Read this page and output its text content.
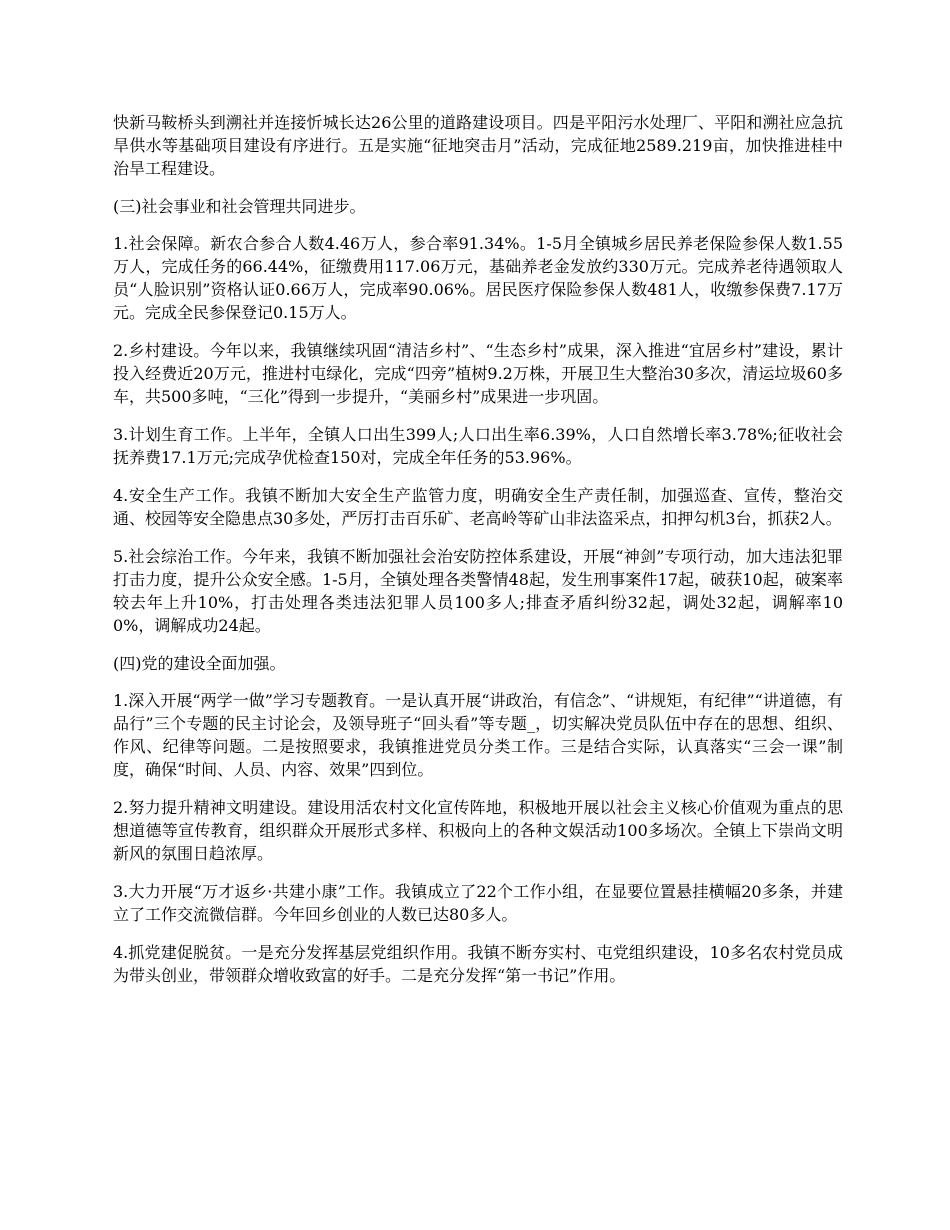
快新马鞍桥头到溯社并连接忻城长达26公里的道路建设项目。四是平阳污水处理厂、平阳和溯社应急抗旱供水等基础项目建设有序进行。五是实施“征地突击月”活动，完成征地2589.219亩，加快推进桂中治旱工程建设。

(三)社会事业和社会管理共同进步。

1.社会保障。新农合参合人数4.46万人，参合率91.34%。1-5月全镇城乡居民养老保险参保人数1.55万人，完成任务的66.44%，征缴费用117.06万元，基础养老金发放约330万元。完成养老待遇领取人员“人脸识别”资格认证0.66万人，完成率90.06%。居民医疗保险参保人数481人，收缴参保费7.17万元。完成全民参保登记0.15万人。

2.乡村建设。今年以来，我镇继续巩固“清洁乡村”、“生态乡村”成果，深入推进“宜居乡村”建设，累计投入经费近20万元，推进村屯绿化，完成“四旁”植树9.2万株，开展卫生大整治30多次，清运垃圾60多车，共500多吨，“三化”得到一步提升，“美丽乡村”成果进一步巩固。

3.计划生育工作。上半年，全镇人口出生399人;人口出生率6.39%，人口自然增长率3.78%;征收社会抚养费17.1万元;完成孕优检查150对，完成全年任务的53.96%。

4.安全生产工作。我镇不断加大安全生产监管力度，明确安全生产责任制，加强巡查、宣传，整治交通、校园等安全隐患点30多处，严厉打击百乐矿、老高岭等矿山非法盗采点，扣押勾机3台，抓获2人。

5.社会综治工作。今年来，我镇不断加强社会治安防控体系建设，开展“神剑”专项行动，加大违法犯罪打击力度，提升公众安全感。1-5月，全镇处理各类警情48起，发生刑事案件17起，破获10起，破案率较去年上升10%，打击处理各类违法犯罪人员100多人;排查矛盾纠纷32起，调处32起，调解率100%，调解成功24起。

(四)党的建设全面加强。

1.深入开展“两学一做”学习专题教育。一是认真开展“讲政治，有信念”、“讲规矩，有纪律”“讲道德，有品行”三个专题的民主讨论会，及领导班子“回头看”等专题_，切实解决党员队伍中存在的思想、组织、作风、纪律等问题。二是按照要求，我镇推进党员分类工作。三是结合实际，认真落实“三会一课”制度，确保“时间、人员、内容、效果”四到位。

2.努力提升精神文明建设。建设用活农村文化宣传阵地，积极地开展以社会主义核心价值观为重点的思想道德等宣传教育，组织群众开展形式多样、积极向上的各种文娱活动100多场次。全镇上下崇尚文明新风的氛围日趋浓厚。

3.大力开展“万才返乡·共建小康”工作。我镇成立了22个工作小组，在显要位置悬挂横幅20多条，并建立了工作交流微信群。今年回乡创业的人数已达80多人。

4.抓党建促脱贫。一是充分发挥基层党组织作用。我镇不断夯实村、屯党组织建设，10多名农村党员成为带头创业，带领群众增收致富的好手。二是充分发挥“第一书记”作用。
